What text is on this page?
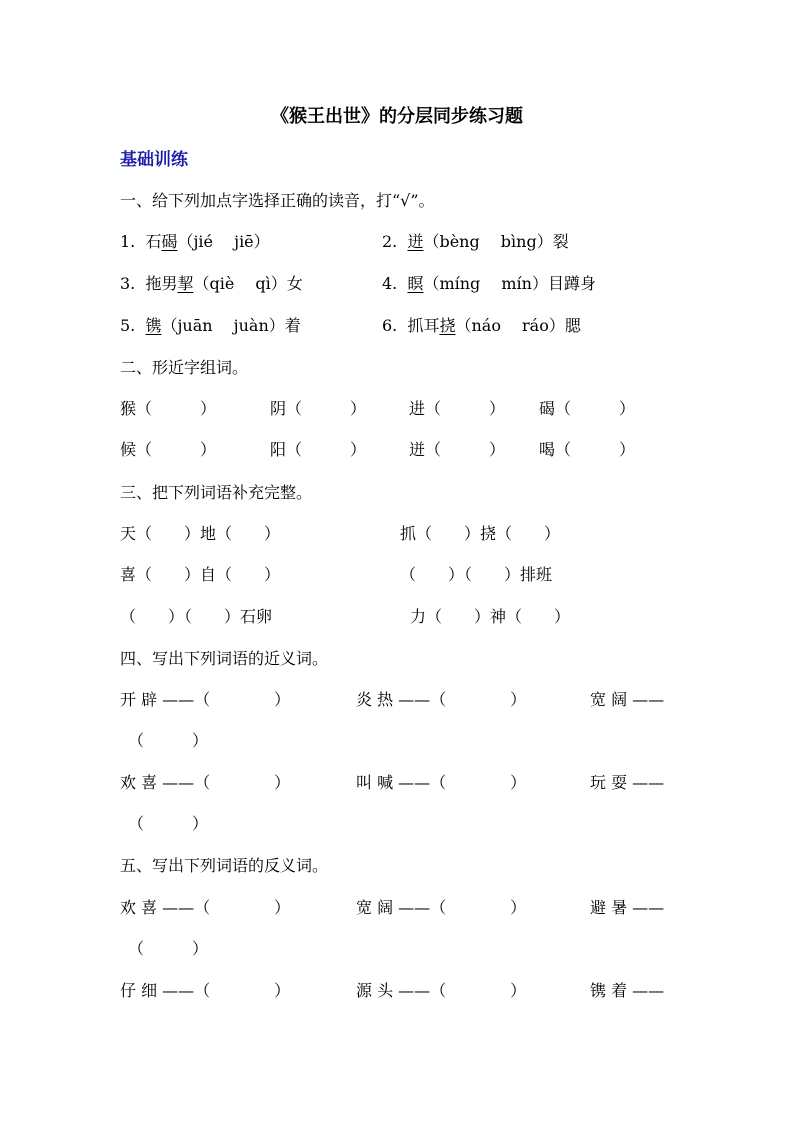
《猴王出世》的分层同步练习题
基础训练
一、给下列加点字选择正确的读音，打“√”。
1. 石碣（jié　 jiē）	2. 迸（bèng　 bìng）裂
3. 拖男挈（qiè　 qì）女	4. 瞑（míng　 mín）目蹲身
5. 镌（juān　 juàn）着	6. 抓耳挠（náo　 ráo）腮
二、形近字组词。
猴（　　　）	阴（　　　）	进（　　　） 碣（　　　）
候（　　　）	阳（　　　）	迸（　　　） 喝（　　　）
三、把下列词语补充完整。
天（　　）地（　　）	抓（　　）挠（　　）
喜（　　）自（　　）	（　　）（　　）排班
（　　）（　　）石卵	力（　　）神（　　）
四、写出下列词语的近义词。
开 辟 ——（　　　　）	炎 热 ——（　　　　）	宽 阔 ——
（　　　）
欢 喜 ——（　　　　）	叫 喊 ——（　　　　）	玩 耍 ——
（　　　）
五、写出下列词语的反义词。
欢 喜 ——（　　　　）	宽 阔 ——（　　　　）	避 暑 ——
（　　　）
仔 细 ——（　　　　）	源 头 ——（　　　　）	镌 着 ——
